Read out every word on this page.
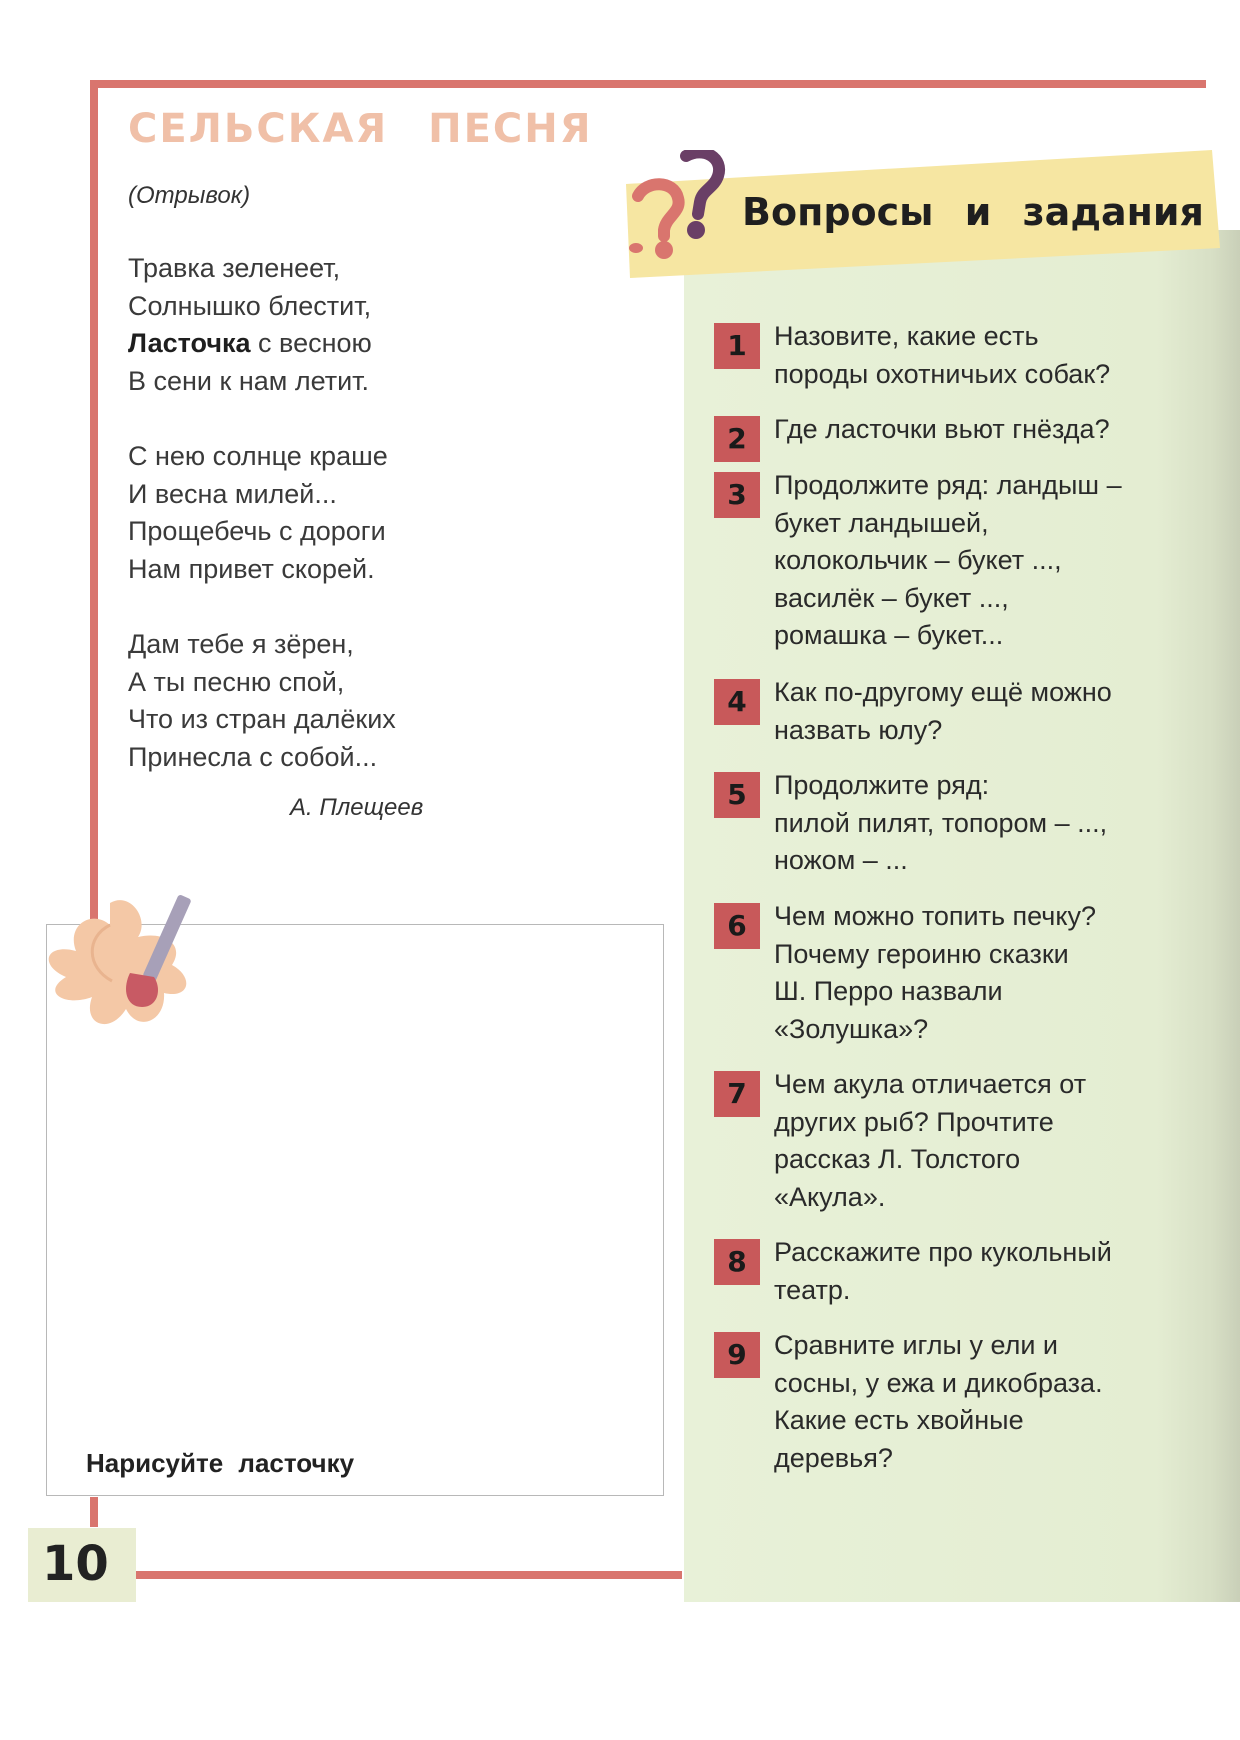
СЕЛЬСКАЯ ПЕСНЯ
(Отрывок)
Травка зеленеет,
Солнышко блестит,
Ласточка с весною
В сени к нам летит.
С нею солнце краше
И весна милей...
Прощебечь с дороги
Нам привет скорей.
Дам тебе я зёрен,
А ты песню спой,
Что из стран далёких
Принесла с собой...
А. Плещеев
Нарисуйте ласточку
10
Вопросы и задания
1	Назовите, какие есть
породы охотничьих собак?
2	Где ласточки вьют гнёзда?
3	Продолжите ряд: ландыш –
букет ландышей,
колокольчик – букет ...,
василёк – букет ...,
ромашка – букет...
4	Как по-другому ещё можно
назвать юлу?
5	Продолжите ряд:
пилой пилят, топором – ...,
ножом – ...
6	Чем можно топить печку?
Почему героиню сказки
Ш. Перро назвали
«Золушка»?
7	Чем акула отличается от
других рыб? Прочтите
рассказ Л. Толстого
«Акула».
8	Расскажите про кукольный
театр.
9	Сравните иглы у ели и
сосны, у ежа и дикобраза.
Какие есть хвойные
деревья?
